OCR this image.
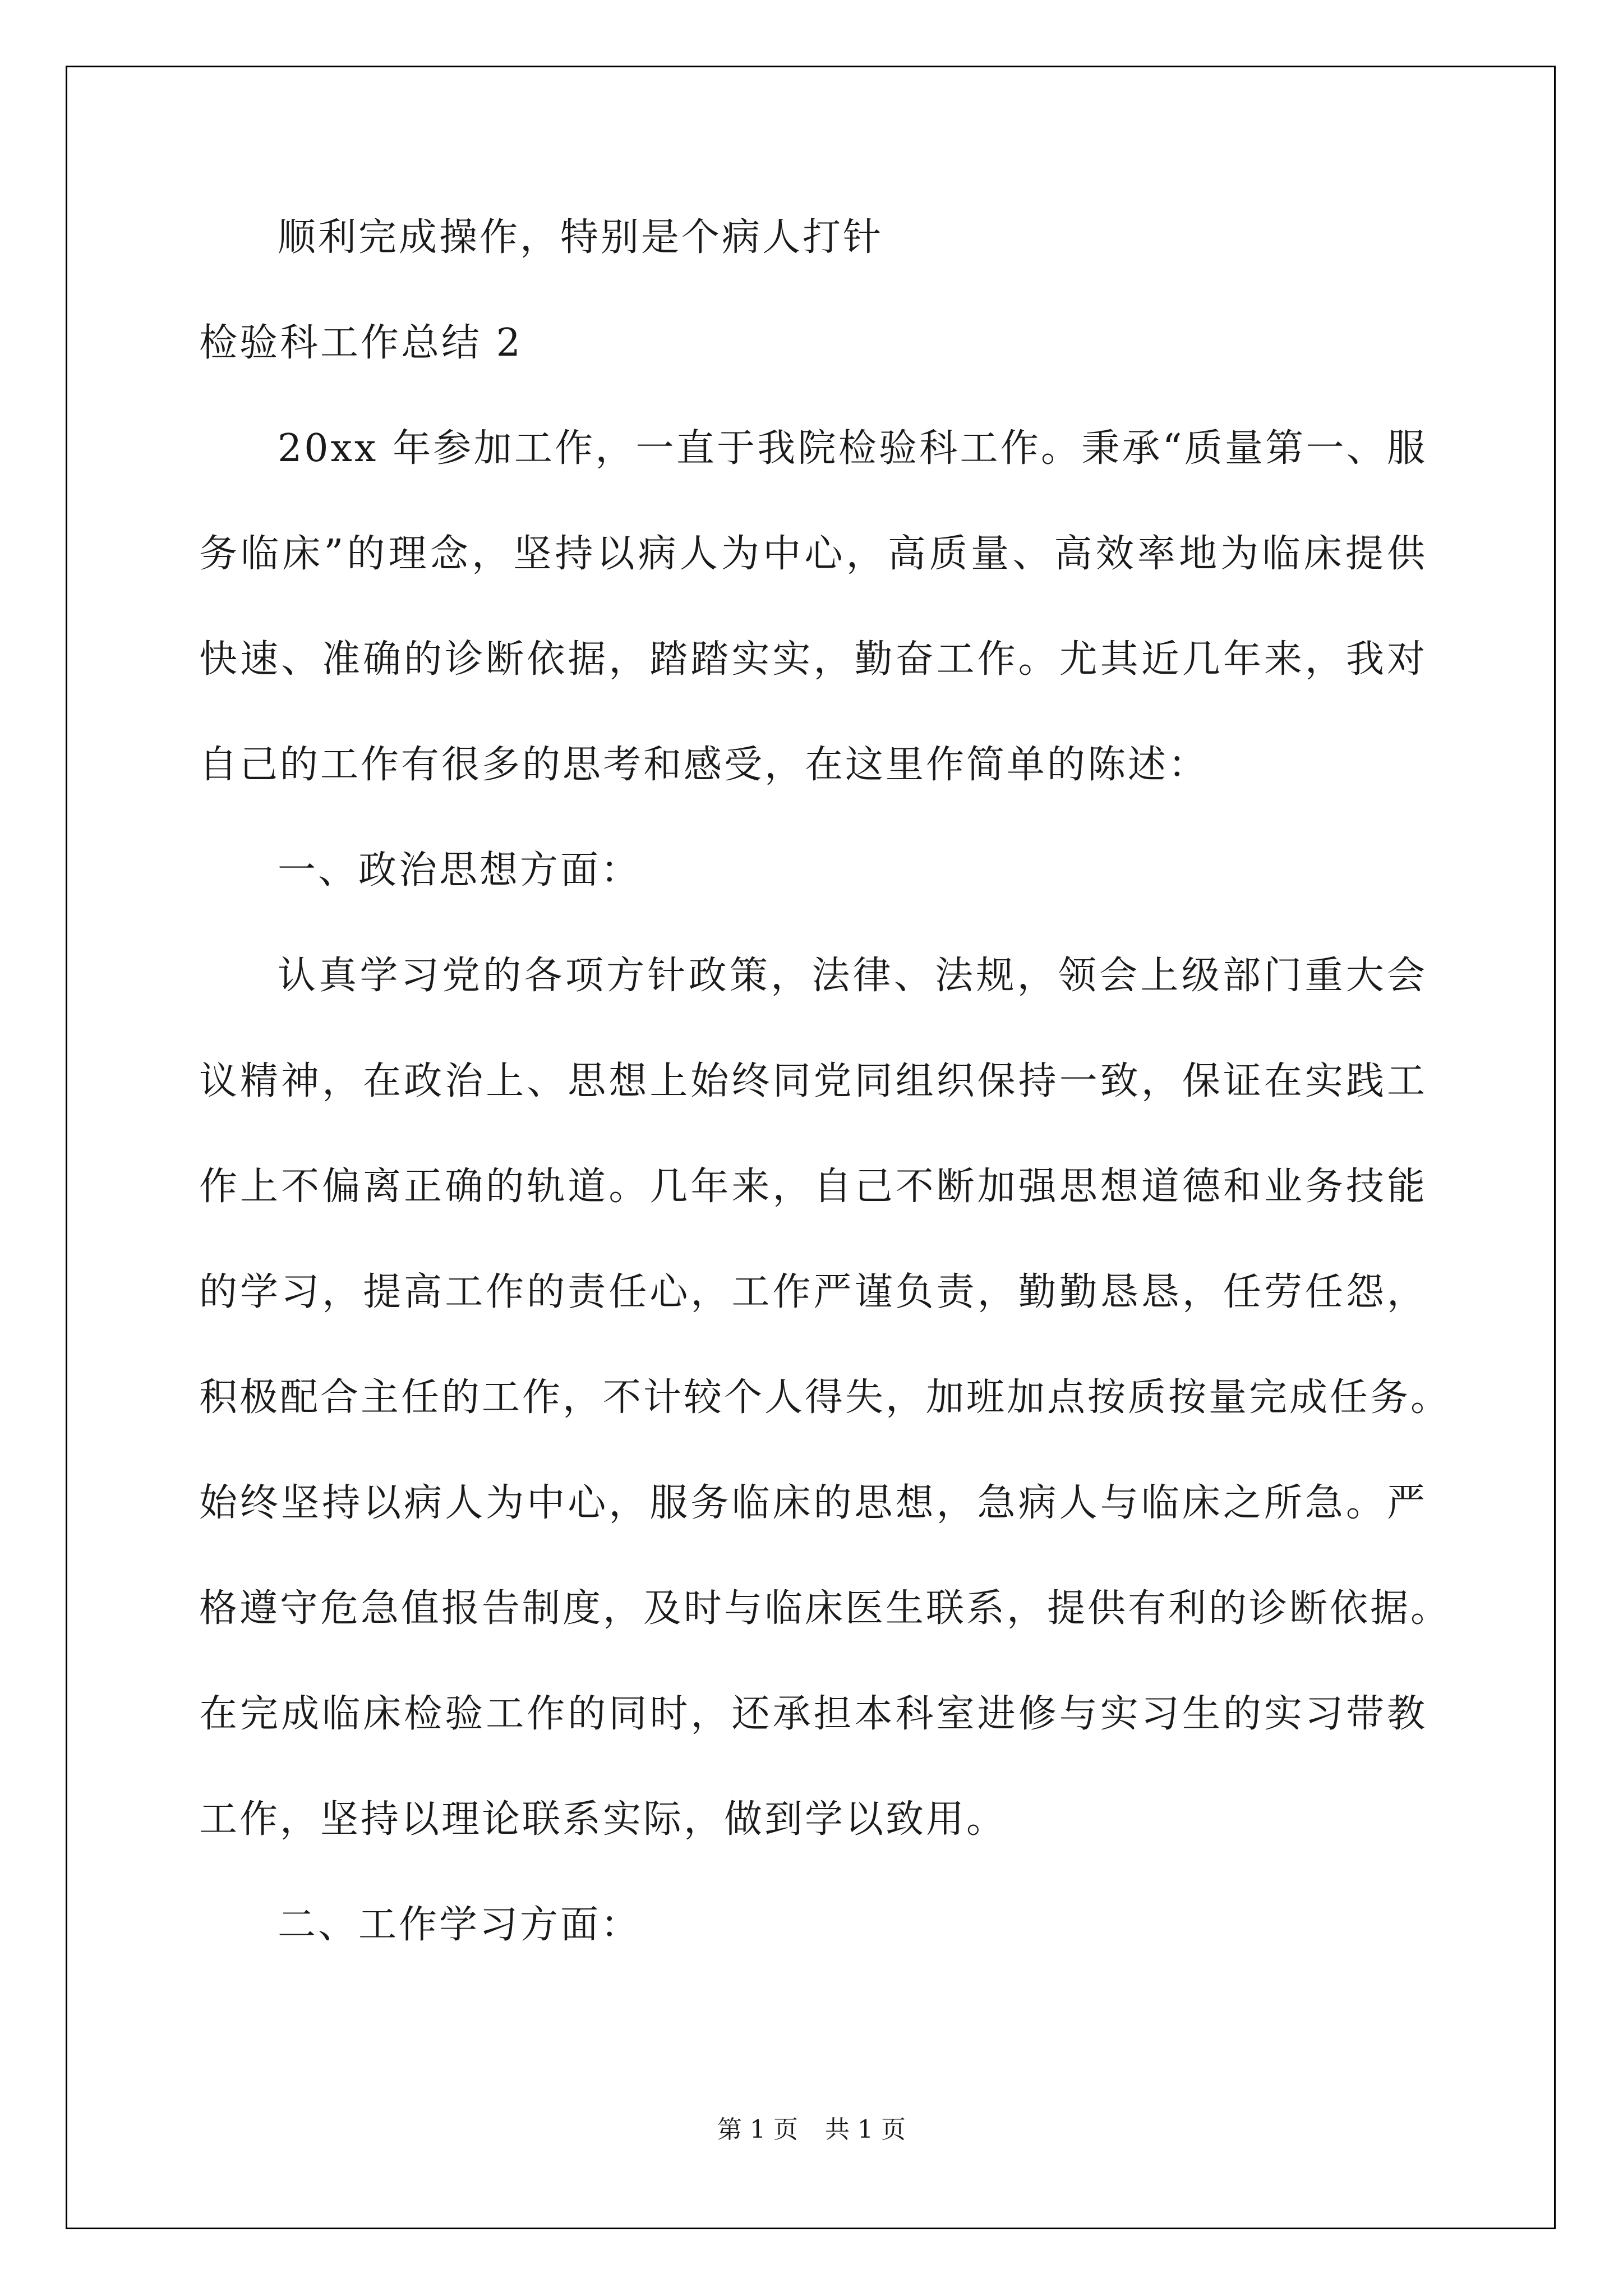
顺利完成操作，特别是个病人打针
检验科工作总结 2
20xx 年参加工作，一直于我院检验科工作。秉承“质量第一、服
务临床”的理念，坚持以病人为中心，高质量、高效率地为临床提供
快速、准确的诊断依据，踏踏实实，勤奋工作。尤其近几年来，我对
自己的工作有很多的思考和感受，在这里作简单的陈述：
一、政治思想方面：
认真学习党的各项方针政策，法律、法规，领会上级部门重大会
议精神，在政治上、思想上始终同党同组织保持一致，保证在实践工
作上不偏离正确的轨道。几年来，自己不断加强思想道德和业务技能
的学习，提高工作的责任心，工作严谨负责，勤勤恳恳，任劳任怨，
积极配合主任的工作，不计较个人得失，加班加点按质按量完成任务。
始终坚持以病人为中心，服务临床的思想，急病人与临床之所急。严
格遵守危急值报告制度，及时与临床医生联系，提供有利的诊断依据。
在完成临床检验工作的同时，还承担本科室进修与实习生的实习带教
工作，坚持以理论联系实际，做到学以致用。
二、工作学习方面：
第 1 页 共 1 页
